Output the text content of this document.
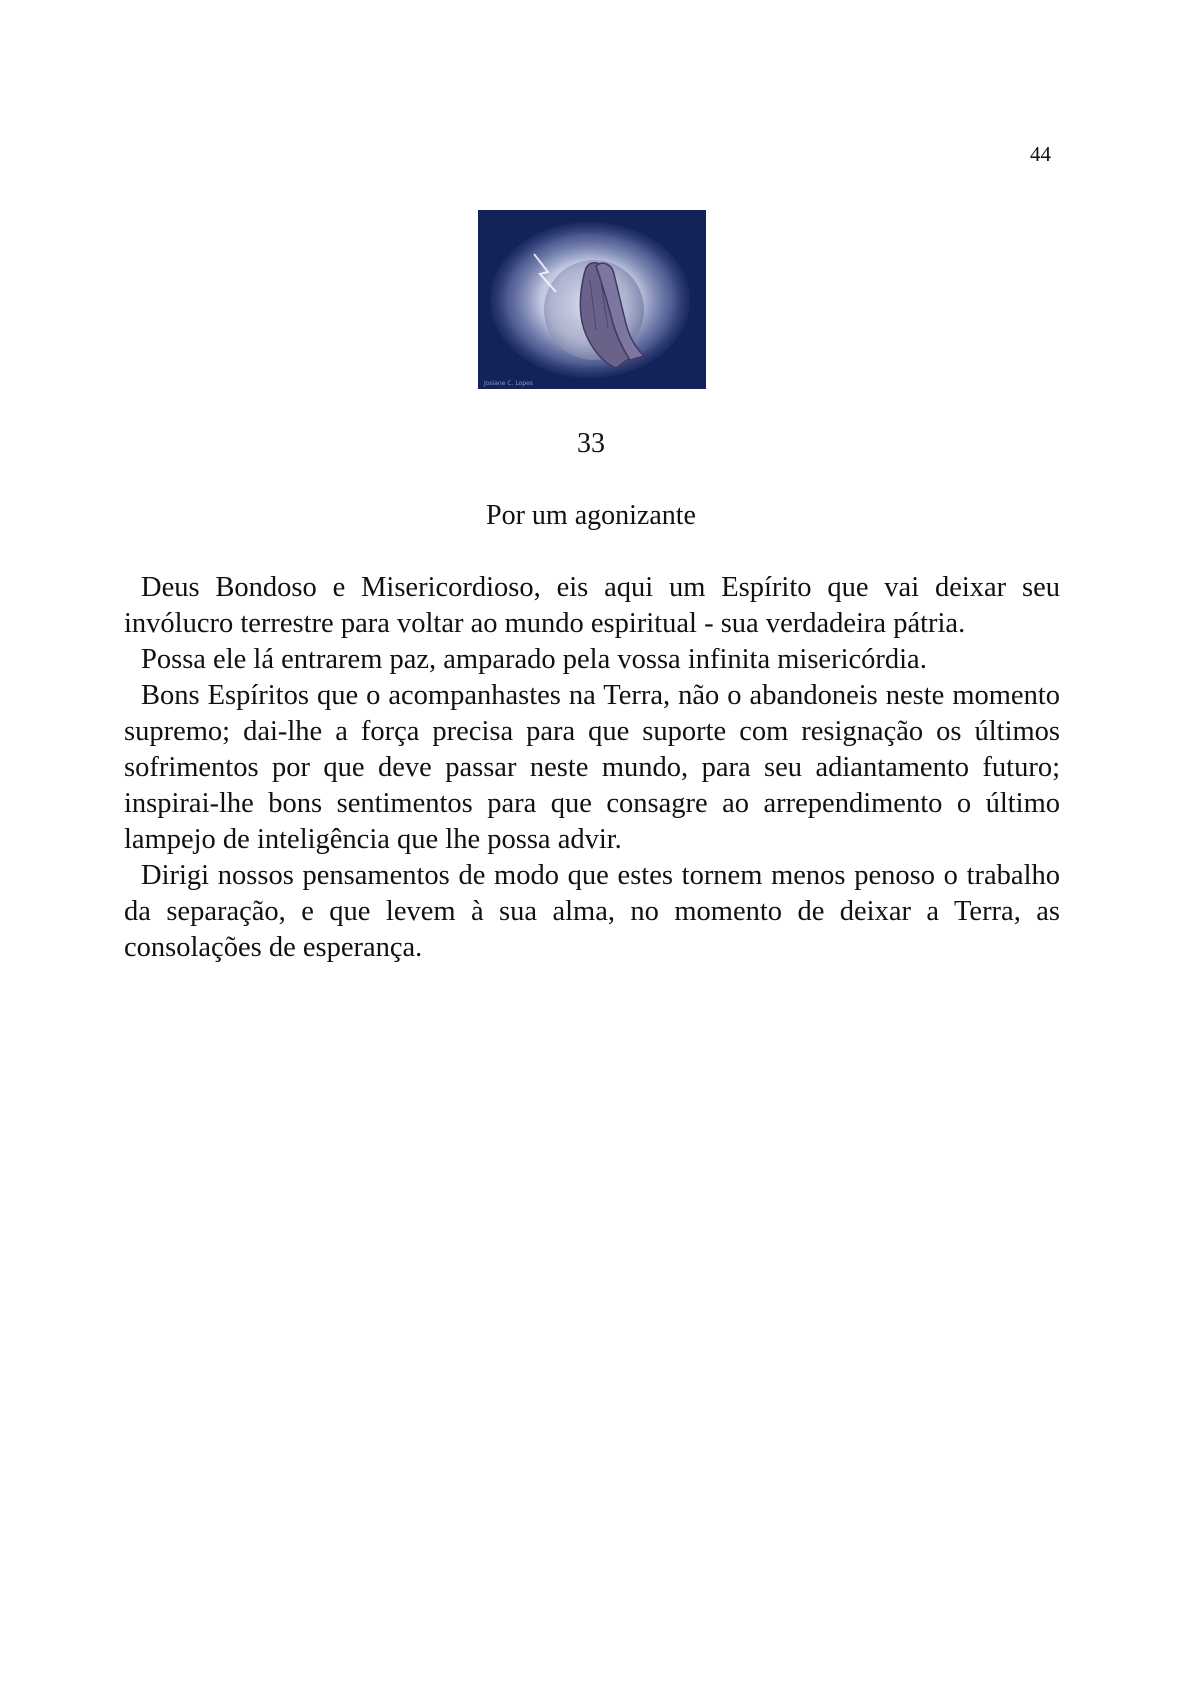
44
Josiane C. Lopes
33
Por um agonizante

Deus Bondoso e Misericordioso, eis aqui um Espírito que vai deixar seu invólucro terrestre para voltar ao mundo espiritual - sua verdadeira pátria.

Possa ele lá entrarem paz, amparado pela vossa infinita misericórdia.

Bons Espíritos que o acompanhastes na Terra, não o abandoneis neste momento supremo; dai-lhe a força precisa para que suporte com resignação os últimos sofrimentos por que deve passar neste mundo, para seu adiantamento futuro; inspirai-lhe bons sentimentos para que consagre ao arrependimento o último lampejo de inteligência que lhe possa advir.

Dirigi nossos pensamentos de modo que estes tornem menos penoso o trabalho da separação, e que levem à sua alma, no momento de deixar a Terra, as consolações de esperança.
